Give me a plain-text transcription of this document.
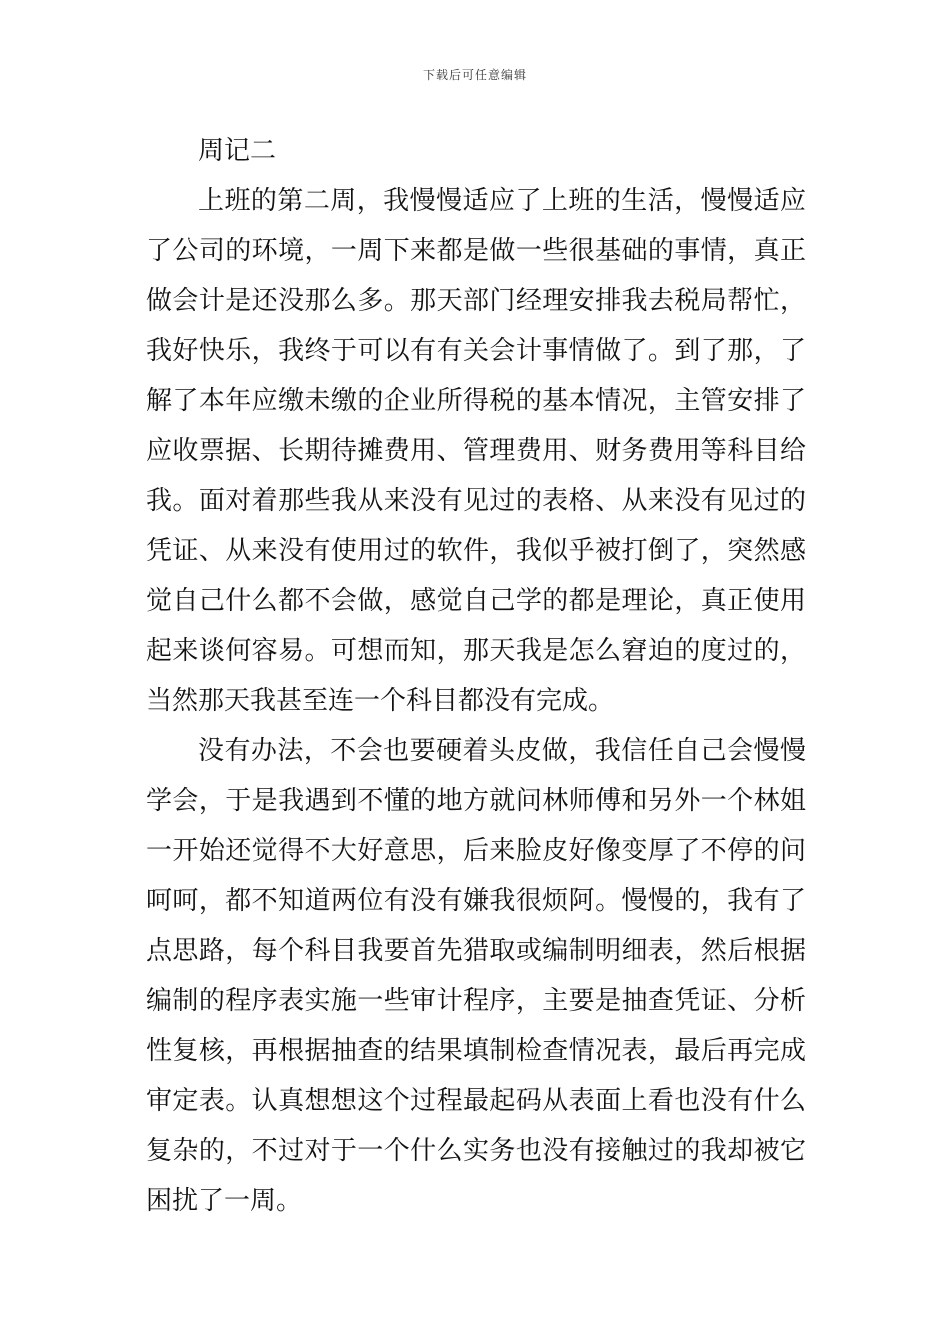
下载后可任意编辑
周记二
上班的第二周，我慢慢适应了上班的生活，慢慢适应
了公司的环境，一周下来都是做一些很基础的事情，真正
做会计是还没那么多。那天部门经理安排我去税局帮忙，
我好快乐，我终于可以有有关会计事情做了。到了那，了
解了本年应缴未缴的企业所得税的基本情况，主管安排了
应收票据、长期待摊费用、管理费用、财务费用等科目给
我。面对着那些我从来没有见过的表格、从来没有见过的
凭证、从来没有使用过的软件，我似乎被打倒了，突然感
觉自己什么都不会做，感觉自己学的都是理论，真正使用
起来谈何容易。可想而知，那天我是怎么窘迫的度过的，
当然那天我甚至连一个科目都没有完成。
没有办法，不会也要硬着头皮做，我信任自己会慢慢
学会，于是我遇到不懂的地方就问林师傅和另外一个林姐
一开始还觉得不大好意思，后来脸皮好像变厚了不停的问
呵呵，都不知道两位有没有嫌我很烦阿。慢慢的，我有了
点思路，每个科目我要首先猎取或编制明细表，然后根据
编制的程序表实施一些审计程序，主要是抽查凭证、分析
性复核，再根据抽查的结果填制检查情况表，最后再完成
审定表。认真想想这个过程最起码从表面上看也没有什么
复杂的，不过对于一个什么实务也没有接触过的我却被它
困扰了一周。
